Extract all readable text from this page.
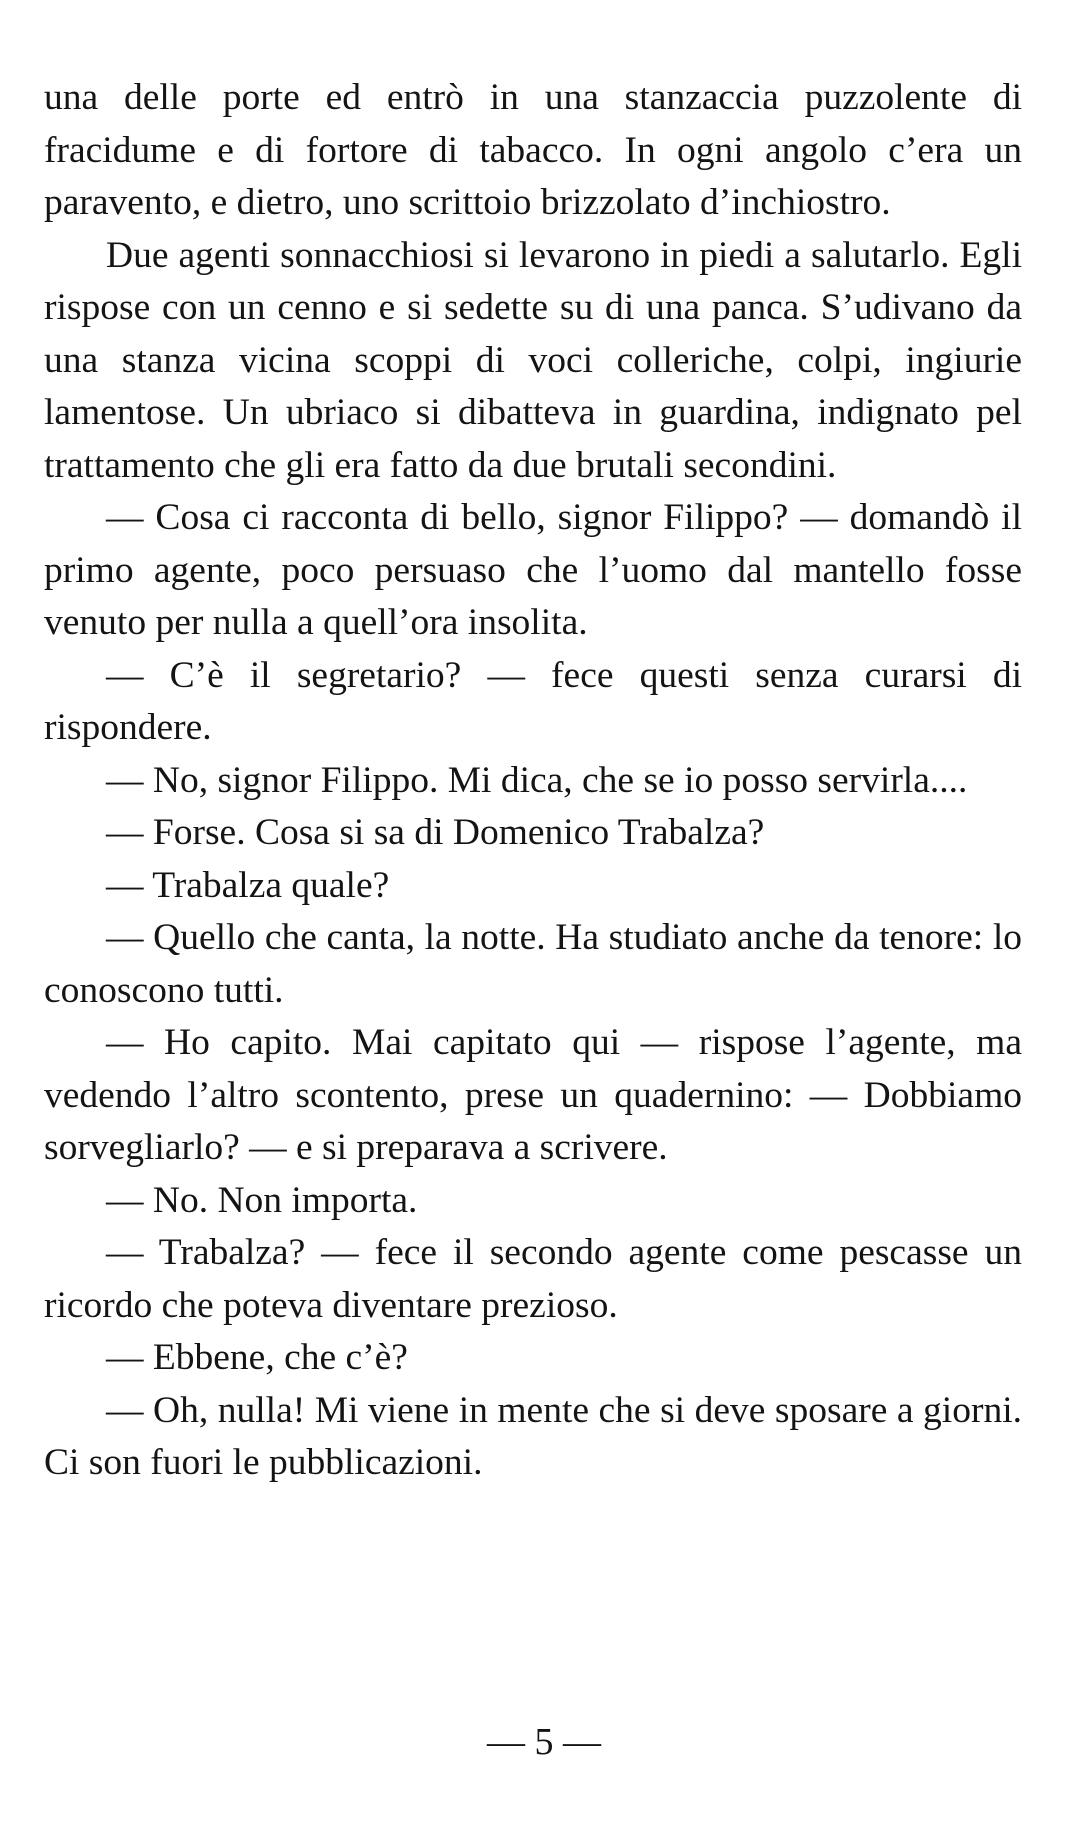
una delle porte ed entrò in una stanzaccia puzzolente di fracidume e di fortore di tabacco. In ogni angolo c’era un paravento, e dietro, uno scrittoio brizzolato d’inchiostro.

Due agenti sonnacchiosi si levarono in piedi a salutarlo. Egli rispose con un cenno e si sedette su di una panca. S’udivano da una stanza vicina scoppi di voci colleriche, colpi, ingiurie lamentose. Un ubriaco si dibatteva in guardina, indignato pel trattamento che gli era fatto da due brutali secondini.

— Cosa ci racconta di bello, signor Filippo? — domandò il primo agente, poco persuaso che l’uomo dal mantello fosse venuto per nulla a quell’ora insolita.

— C’è il segretario? — fece questi senza curarsi di rispondere.

— No, signor Filippo. Mi dica, che se io posso servirla....

— Forse. Cosa si sa di Domenico Trabalza?

— Trabalza quale?

— Quello che canta, la notte. Ha studiato anche da tenore: lo conoscono tutti.

— Ho capito. Mai capitato qui — rispose l’agente, ma vedendo l’altro scontento, prese un quadernino: — Dobbiamo sorvegliarlo? — e si preparava a scrivere.

— No. Non importa.

— Trabalza? — fece il secondo agente come pescasse un ricordo che poteva diventare prezioso.

— Ebbene, che c’è?

— Oh, nulla! Mi viene in mente che si deve sposare a giorni. Ci son fuori le pubblicazioni.

— 5 —
